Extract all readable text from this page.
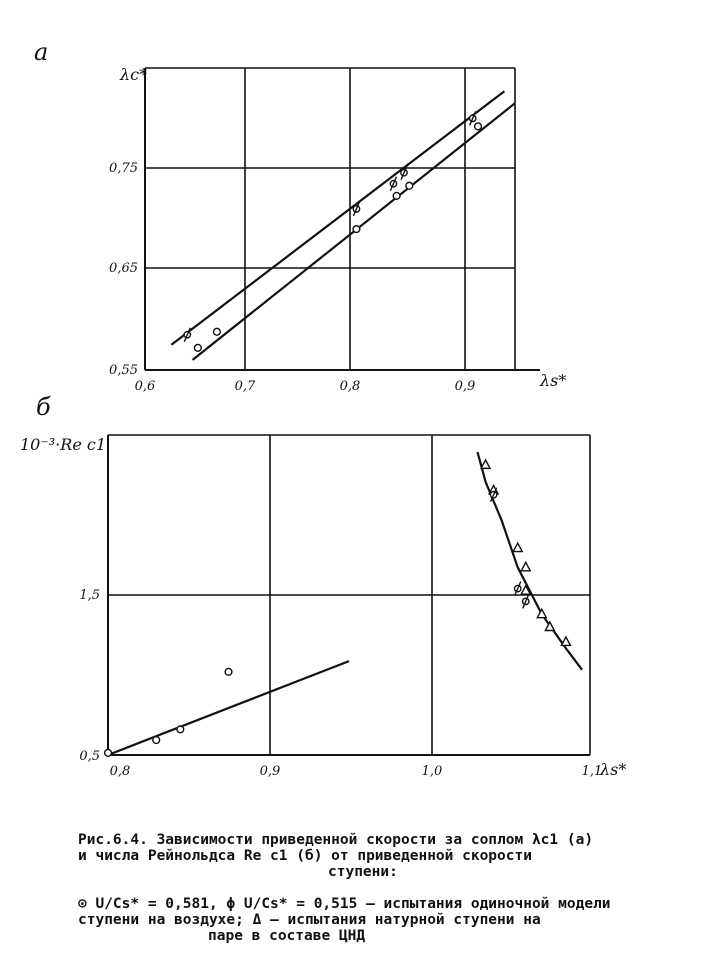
a
λc*
λs*
0,6	0,7	0,8	0,9
0,55
0,65
0,75
б
10⁻³·Re c1
λs*
0,8	0,9	1,0	1,1
0,5
1,5
Рис.6.4. Зависимости приведенной скорости за соплом λc1 (а)
и числа Рейнольдса Re c1 (б) от приведенной скорости
ступени:
⊙ U/Cs* = 0,581, ϕ U/Cs* = 0,515 – испытания одиночной модели
ступени на воздухе; Δ – испытания натурной ступени на
паре в составе ЦНД
